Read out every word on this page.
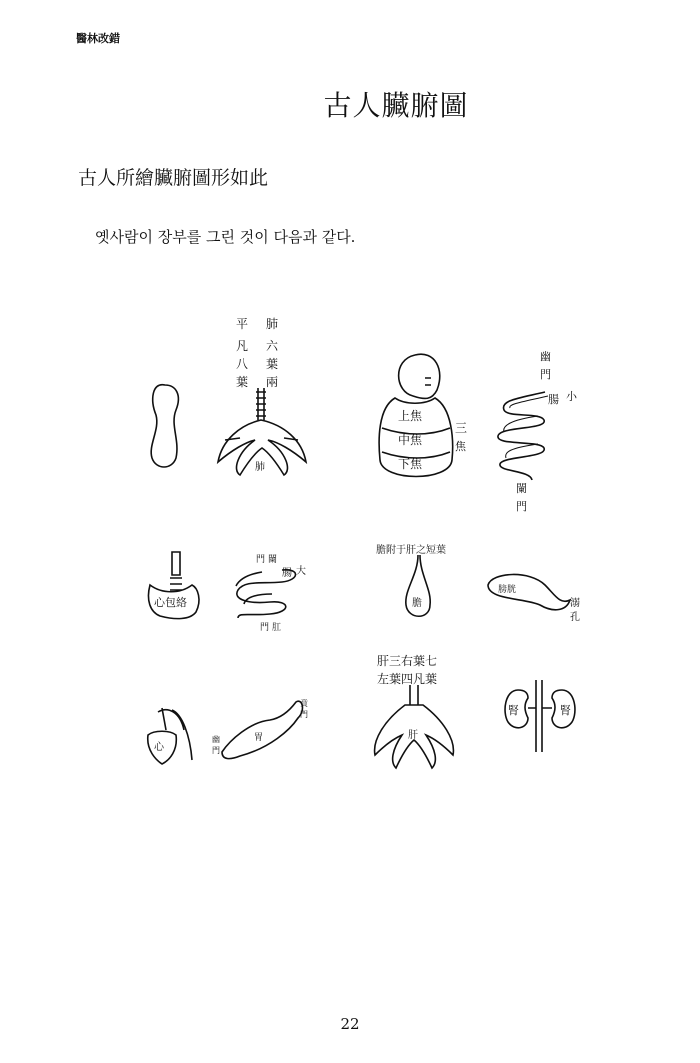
醫林改錯
古人臟腑圖
古人所繪臟腑圖形如此
옛사람이 장부를 그린 것이 다음과 같다.
22
平
凡
八
葉
肺
六
葉
兩
肺
上焦
中焦
下焦
三
焦
幽
門
腸 小
闌
門
心包絡
門 闌
腸 大
門 肛
膽附于肝之短葉
膽
膀胱
溺
孔
肝三右葉七
左葉四凡葉
肝
腎	腎
心
幽
門
胃
賁
門
